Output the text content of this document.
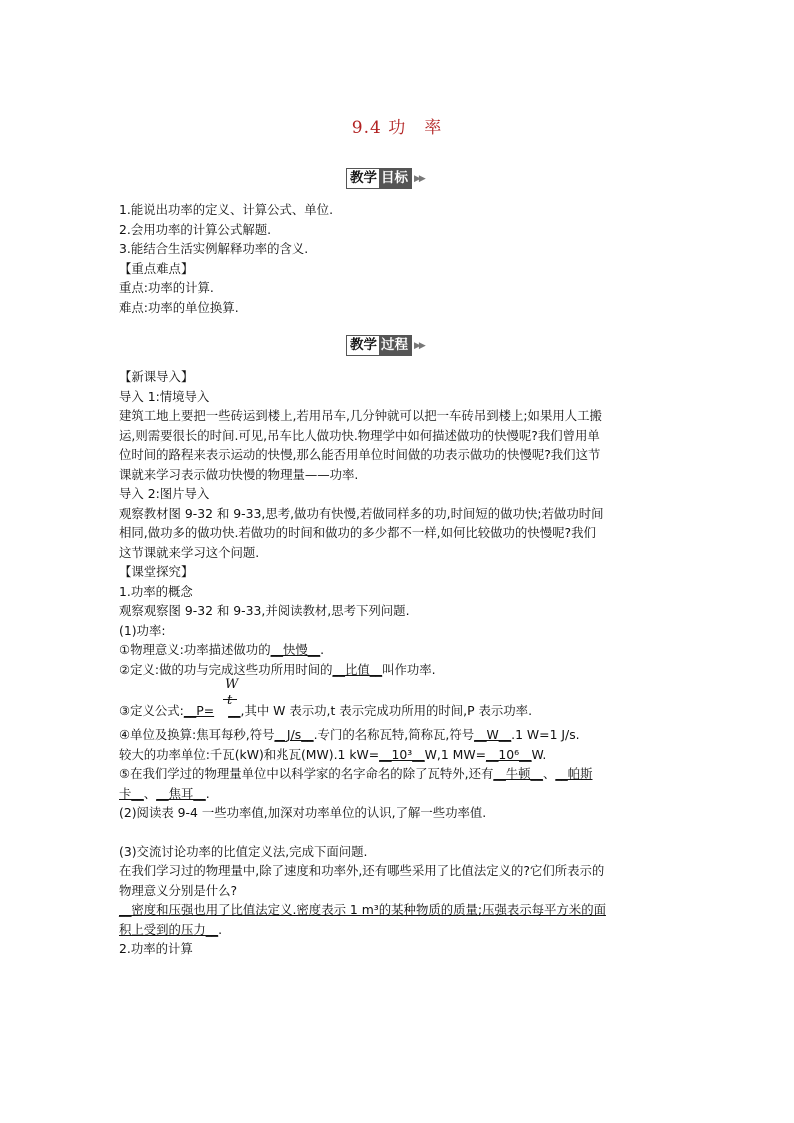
9.4 功　率
教学 目标 ▶▶
1.能说出功率的定义、计算公式、单位.
2.会用功率的计算公式解题.
3.能结合生活实例解释功率的含义.
【重点难点】
重点:功率的计算.
难点:功率的单位换算.
教学 过程 ▶▶
【新课导入】
导入 1:情境导入
建筑工地上要把一些砖运到楼上,若用吊车,几分钟就可以把一车砖吊到楼上;如果用人工搬
运,则需要很长的时间.可见,吊车比人做功快.物理学中如何描述做功的快慢呢?我们曾用单
位时间的路程来表示运动的快慢,那么能否用单位时间做的功表示做功的快慢呢?我们这节
课就来学习表示做功快慢的物理量——功率.
导入 2:图片导入
观察教材图 9-32 和 9-33,思考,做功有快慢,若做同样多的功,时间短的做功快;若做功时间
相同,做功多的做功快.若做功的时间和做功的多少都不一样,如何比较做功的快慢呢?我们
这节课就来学习这个问题.
【课堂探究】
1.功率的概念
观察观察图 9-32 和 9-33,并阅读教材,思考下列问题.
(1)功率:
①物理意义:功率描述做功的__快慢__.
②定义:做的功与完成这些功所用时间的__比值__叫作功率.
W
③定义公式:__P= __,其中 W 表示功,t 表示完成功所用的时间,P 表示功率.
t
④单位及换算:焦耳每秒,符号__J/s__.专门的名称瓦特,简称瓦,符号__W__.1 W=1 J/s.
较大的功率单位:千瓦(kW)和兆瓦(MW).1 kW=__10³__W,1 MW=__10⁶__W.
⑤在我们学过的物理量单位中以科学家的名字命名的除了瓦特外,还有__牛顿__、__帕斯
卡__、__焦耳__.
(2)阅读表 9-4 一些功率值,加深对功率单位的认识,了解一些功率值.
(3)交流讨论功率的比值定义法,完成下面问题.
在我们学习过的物理量中,除了速度和功率外,还有哪些采用了比值法定义的?它们所表示的
物理意义分别是什么?
__密度和压强也用了比值法定义.密度表示 1 m³的某种物质的质量;压强表示每平方米的面
积上受到的压力__.
2.功率的计算
